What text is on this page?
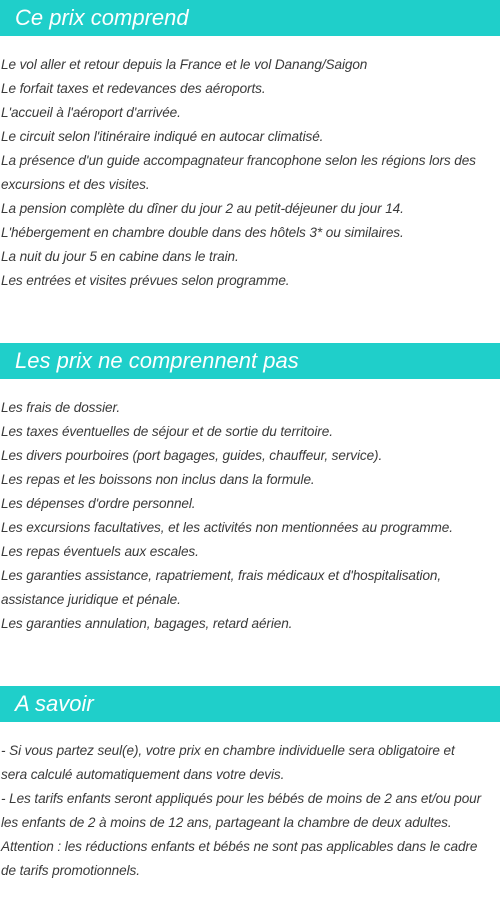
Ce prix comprend
Le vol aller et retour depuis la France et le vol Danang/Saigon
Le forfait taxes et redevances des aéroports.
L'accueil à l'aéroport d'arrivée.
Le circuit selon l'itinéraire indiqué en autocar climatisé.
La présence d'un guide accompagnateur francophone selon les régions lors des
excursions et des visites.
La pension complète du dîner du jour 2 au petit-déjeuner du jour 14.
L'hébergement en chambre double dans des hôtels 3* ou similaires.
La nuit du jour 5 en cabine dans le train.
Les entrées et visites prévues selon programme.
Les prix ne comprennent pas
Les frais de dossier.
Les taxes éventuelles de séjour et de sortie du territoire.
Les divers pourboires (port bagages, guides, chauffeur, service).
Les repas et les boissons non inclus dans la formule.
Les dépenses d'ordre personnel.
Les excursions facultatives, et les activités non mentionnées au programme.
Les repas éventuels aux escales.
Les garanties assistance, rapatriement, frais médicaux et d'hospitalisation,
assistance juridique et pénale.
Les garanties annulation, bagages, retard aérien.
A savoir
- Si vous partez seul(e), votre prix en chambre individuelle sera obligatoire et
sera calculé automatiquement dans votre devis.
- Les tarifs enfants seront appliqués pour les bébés de moins de 2 ans et/ou pour
les enfants de 2 à moins de 12 ans, partageant la chambre de deux adultes.
Attention : les réductions enfants et bébés ne sont pas applicables dans le cadre
de tarifs promotionnels.
